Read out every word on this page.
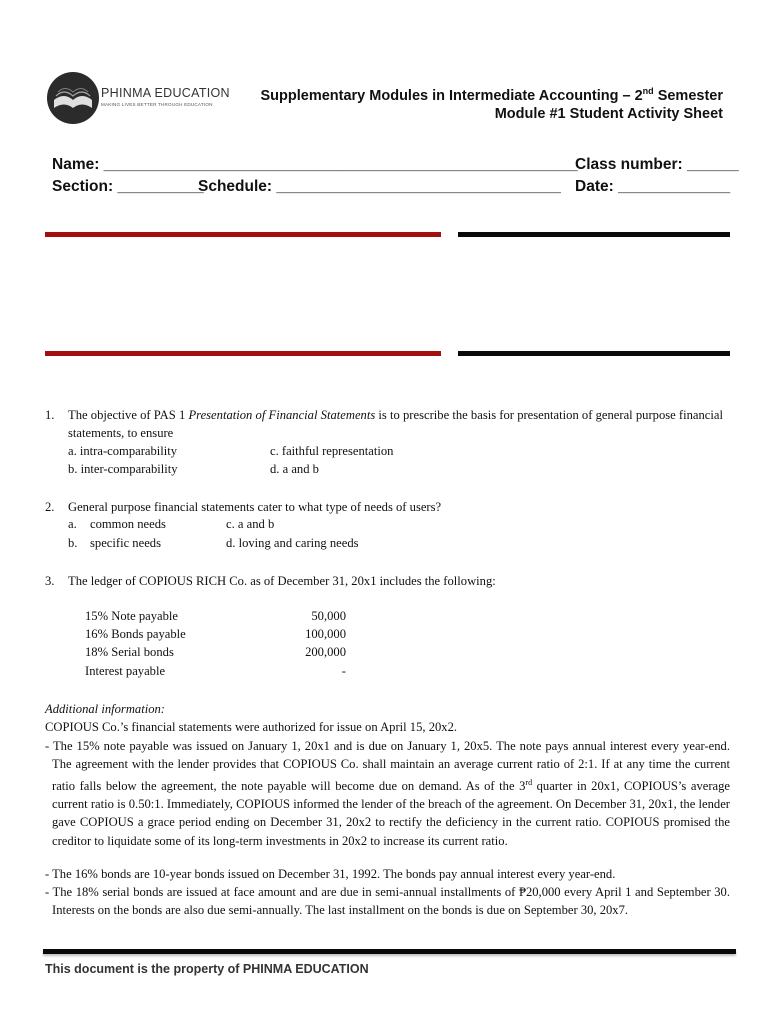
PHINMA EDUCATION
MAKING LIVES BETTER THROUGH EDUCATION
Supplementary Modules in Intermediate Accounting – 2nd Semester
Module #1 Student Activity Sheet
Name: _______________________________________________________
Class number: ______
Section: __________
Schedule: _________________________________ Date: _____________
1. The objective of PAS 1 Presentation of Financial Statements is to prescribe the basis for presentation of general purpose financial statements, to ensure
a. intra-comparability	c. faithful representation
b. inter-comparability	d. a and b
2. General purpose financial statements cater to what type of needs of users?
a. common needs	c. a and b
b. specific needs	d. loving and caring needs
3. The ledger of COPIOUS RICH Co. as of December 31, 20x1 includes the following:
15% Note payable	50,000
16% Bonds payable	100,000
18% Serial bonds	200,000
Interest payable	-
Additional information:
COPIOUS Co.’s financial statements were authorized for issue on April 15, 20x2.
- The 15% note payable was issued on January 1, 20x1 and is due on January 1, 20x5. The note pays annual interest every year-end. The agreement with the lender provides that COPIOUS Co. shall maintain an average current ratio of 2:1. If at any time the current ratio falls below the agreement, the note payable will become due on demand. As of the 3rd quarter in 20x1, COPIOUS’s average current ratio is 0.50:1. Immediately, COPIOUS informed the lender of the breach of the agreement. On December 31, 20x1, the lender gave COPIOUS a grace period ending on December 31, 20x2 to rectify the deficiency in the current ratio. COPIOUS promised the creditor to liquidate some of its long-term investments in 20x2 to increase its current ratio.
- The 16% bonds are 10-year bonds issued on December 31, 1992. The bonds pay annual interest every year-end.
- The 18% serial bonds are issued at face amount and are due in semi-annual installments of ₱20,000 every April 1 and September 30. Interests on the bonds are also due semi-annually. The last installment on the bonds is due on September 30, 20x7.
This document is the property of PHINMA EDUCATION
